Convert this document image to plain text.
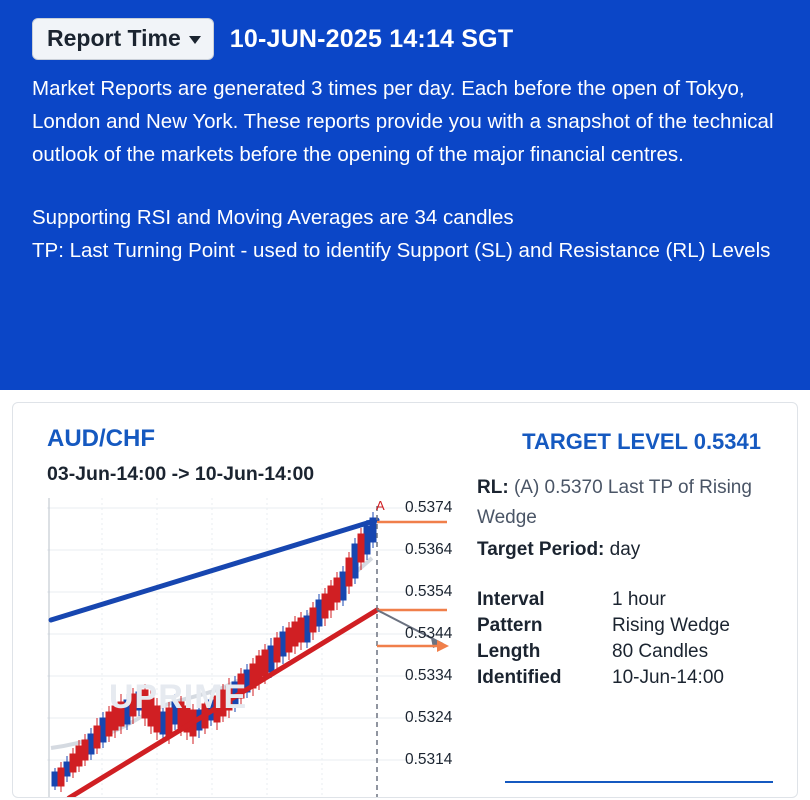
Report Time 10-JUN-2025 14:14 SGT

Market Reports are generated 3 times per day. Each before the open of Tokyo, London and New York. These reports provide you with a snapshot of the technical outlook of the markets before the opening of the major financial centres.

Supporting RSI and Moving Averages are 34 candles

TP: Last Turning Point - used to identify Support (SL) and Resistance (RL) Levels

AUD/CHF
03-Jun-14:00 -> 10-Jun-14:00
A
UPRIME
0.5374
0.5364
0.5354
0.5344
0.5334
0.5324
0.5314
TARGET LEVEL 0.5341
RL: (A) 0.5370 Last TP of Rising Wedge
Target Period: day
Interval	1 hour
Pattern	Rising Wedge
Length	80 Candles
Identified	10-Jun-14:00
